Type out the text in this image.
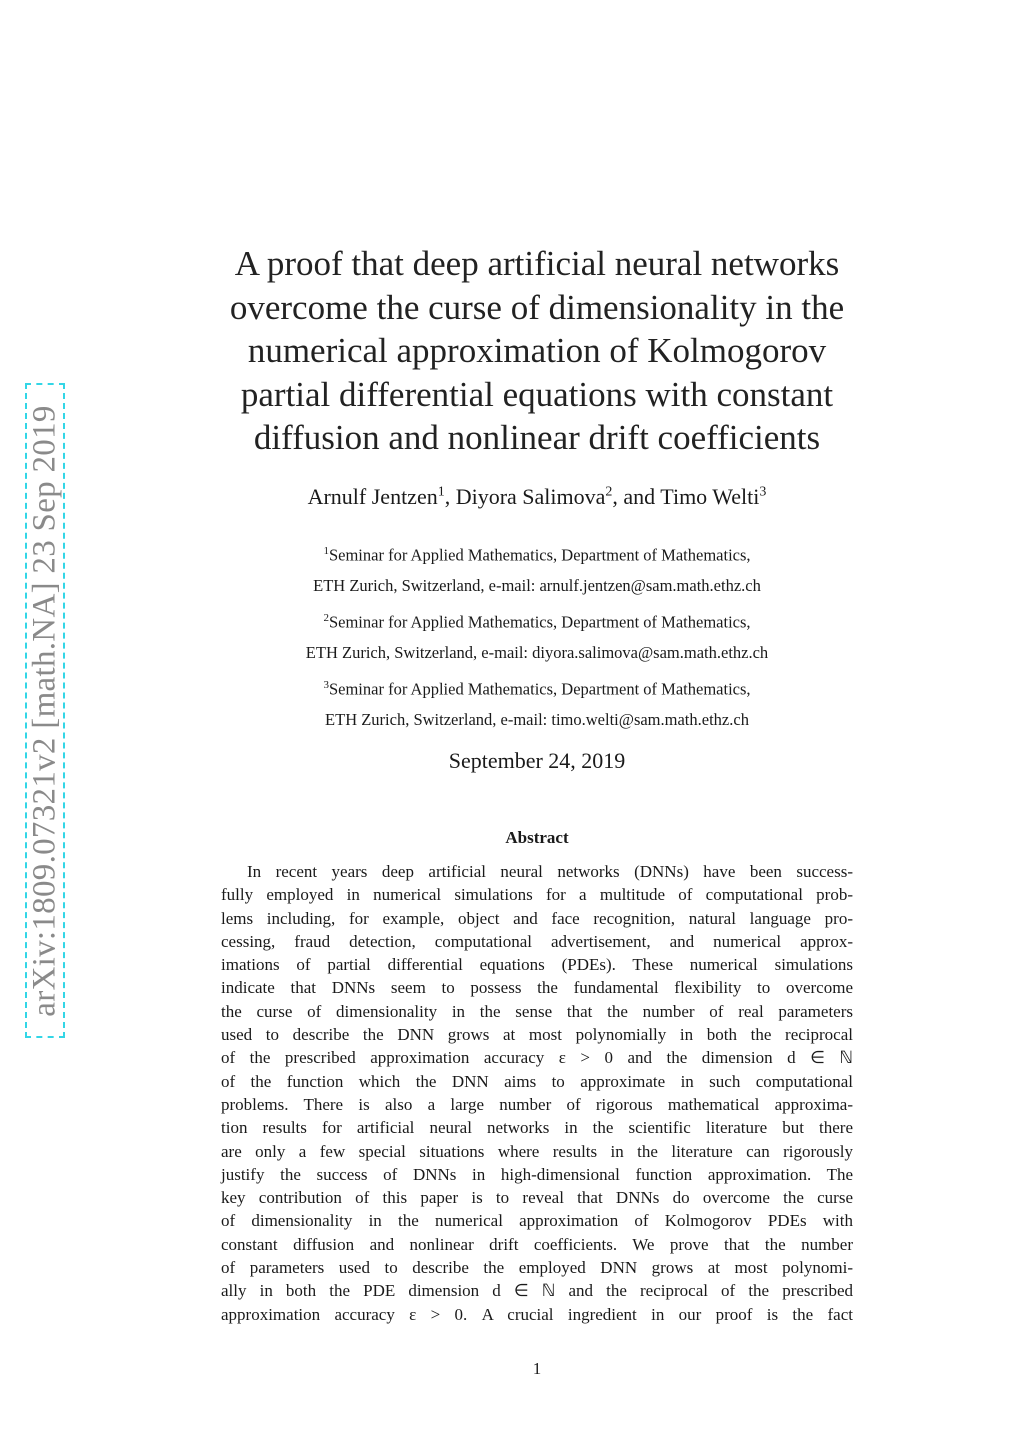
arXiv:1809.07321v2 [math.NA] 23 Sep 2019
A proof that deep artificial neural networks
overcome the curse of dimensionality in the
numerical approximation of Kolmogorov
partial differential equations with constant
diffusion and nonlinear drift coefficients
Arnulf Jentzen$^1$, Diyora Salimova$^2$, and Timo Welti$^3$
$^1$Seminar for Applied Mathematics, Department of Mathematics,
ETH Zurich, Switzerland, e-mail: arnulf.jentzen@sam.math.ethz.ch
$^2$Seminar for Applied Mathematics, Department of Mathematics,
ETH Zurich, Switzerland, e-mail: diyora.salimova@sam.math.ethz.ch
$^3$Seminar for Applied Mathematics, Department of Mathematics,
ETH Zurich, Switzerland, e-mail: timo.welti@sam.math.ethz.ch
September 24, 2019
Abstract
In recent years deep artificial neural networks (DNNs) have been success-
fully employed in numerical simulations for a multitude of computational prob-
lems including, for example, object and face recognition, natural language pro-
cessing, fraud detection, computational advertisement, and numerical approx-
imations of partial differential equations (PDEs). These numerical simulations
indicate that DNNs seem to possess the fundamental flexibility to overcome
the curse of dimensionality in the sense that the number of real parameters
used to describe the DNN grows at most polynomially in both the reciprocal
of the prescribed approximation accuracy ε > 0 and the dimension d ∈ ℕ
of the function which the DNN aims to approximate in such computational
problems. There is also a large number of rigorous mathematical approxima-
tion results for artificial neural networks in the scientific literature but there
are only a few special situations where results in the literature can rigorously
justify the success of DNNs in high-dimensional function approximation. The
key contribution of this paper is to reveal that DNNs do overcome the curse
of dimensionality in the numerical approximation of Kolmogorov PDEs with
constant diffusion and nonlinear drift coefficients. We prove that the number
of parameters used to describe the employed DNN grows at most polynomi-
ally in both the PDE dimension d ∈ ℕ and the reciprocal of the prescribed
approximation accuracy ε > 0. A crucial ingredient in our proof is the fact
1
